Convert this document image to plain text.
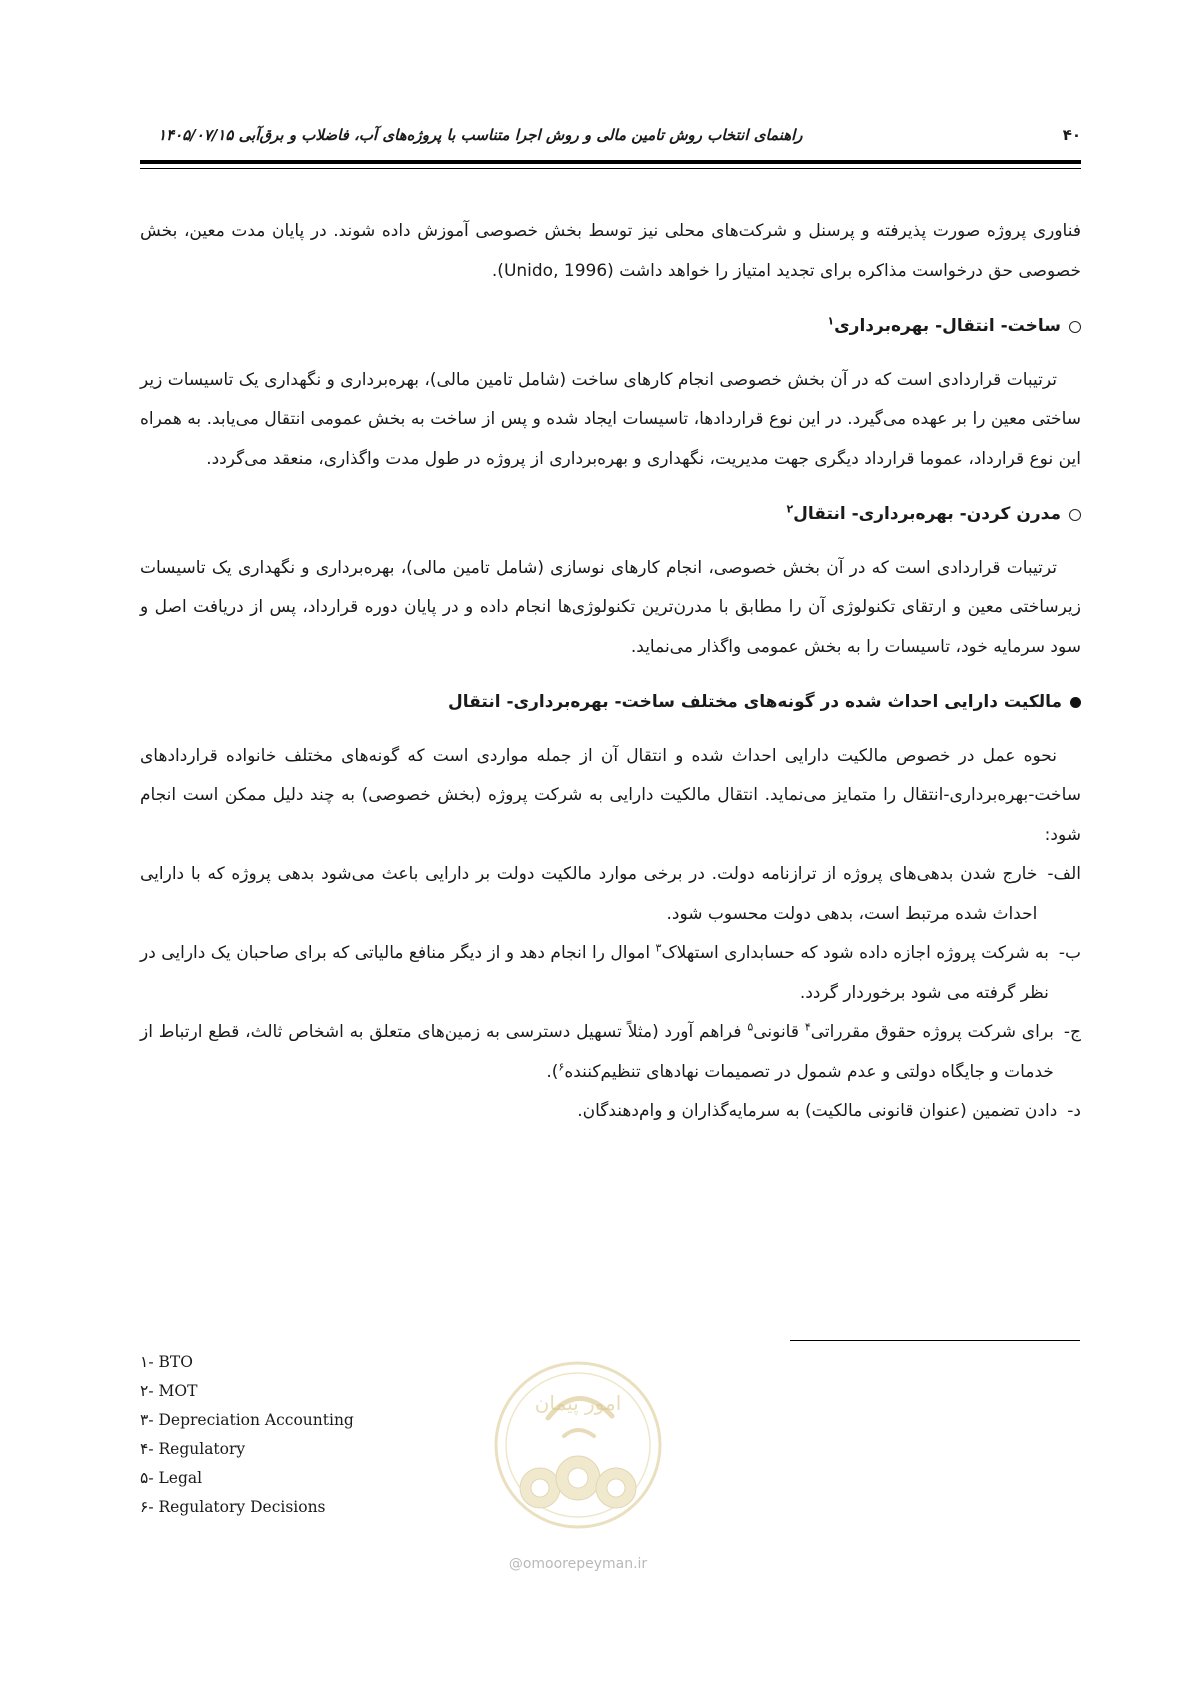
راهنمای انتخاب روش تامین مالی و روش اجرا متناسب با پروژه‌های آب، فاضلاب و برق‌آبی ۱۴۰۵/۰۷/۱۵	۴۰

فناوری پروژه صورت پذیرفته و پرسنل و شرکت‌های محلی نیز توسط بخش خصوصی آموزش داده شوند. در پایان مدت معین، بخش خصوصی حق درخواست مذاکره برای تجدید امتیاز را خواهد داشت (Unido, 1996).

ساخت- انتقال- بهره‌برداری$^۱$

ترتیبات قراردادی است که در آن بخش خصوصی انجام کارهای ساخت (شامل تامین مالی)، بهره‌برداری و نگهداری یک تاسیسات زیر ساختی معین را بر عهده می‌گیرد. در این نوع قراردادها، تاسیسات ایجاد شده و پس از ساخت به بخش عمومی انتقال می‌یابد. به همراه این نوع قرارداد، عموما قرارداد دیگری جهت مدیریت، نگهداری و بهره‌برداری از پروژه در طول مدت واگذاری، منعقد می‌گردد.

مدرن کردن- بهره‌برداری- انتقال$^۲$

ترتیبات قراردادی است که در آن بخش خصوصی، انجام کارهای نوسازی (شامل تامین مالی)، بهره‌برداری و نگهداری یک تاسیسات زیرساختی معین و ارتقای تکنولوژی آن را مطابق با مدرن‌ترین تکنولوژی‌ها انجام داده و در پایان دوره قرارداد، پس از دریافت اصل و سود سرمایه خود، تاسیسات را به بخش عمومی واگذار می‌نماید.

مالکیت دارایی احداث شده در گونه‌های مختلف ساخت- بهره‌برداری- انتقال

نحوه عمل در خصوص مالکیت دارایی احداث شده و انتقال آن از جمله مواردی است که گونه‌های مختلف خانواده قراردادهای ساخت-بهره‌برداری-انتقال را متمایز می‌نماید. انتقال مالکیت دارایی به شرکت پروژه (بخش خصوصی) به چند دلیل ممکن است انجام شود:

الف-
خارج شدن بدهی‌های پروژه از ترازنامه دولت. در برخی موارد مالکیت دولت بر دارایی باعث می‌شود بدهی پروژه که با دارایی احداث شده مرتبط است، بدهی دولت محسوب شود.
ب-
به شرکت پروژه اجازه داده شود که حسابداری استهلاک$^۳$ اموال را انجام دهد و از دیگر منافع مالیاتی که برای صاحبان یک دارایی در نظر گرفته می شود برخوردار گردد.
ج-
برای شرکت پروژه حقوق مقرراتی$^۴$ قانونی$^۵$ فراهم آورد (مثلاً تسهیل دسترسی به زمین‌های متعلق به اشخاص ثالث، قطع ارتباط از خدمات و جایگاه دولتی و عدم شمول در تصمیمات نهادهای تنظیم‌کننده$^۶$).
د-
دادن تضمین (عنوان قانونی مالکیت) به سرمایه‌گذاران و وام‌دهندگان.
۱- BTO
۲- MOT
۳- Depreciation Accounting
۴- Regulatory
۵- Legal
۶- Regulatory Decisions
امور پیمان
@omoorepeyman.ir
